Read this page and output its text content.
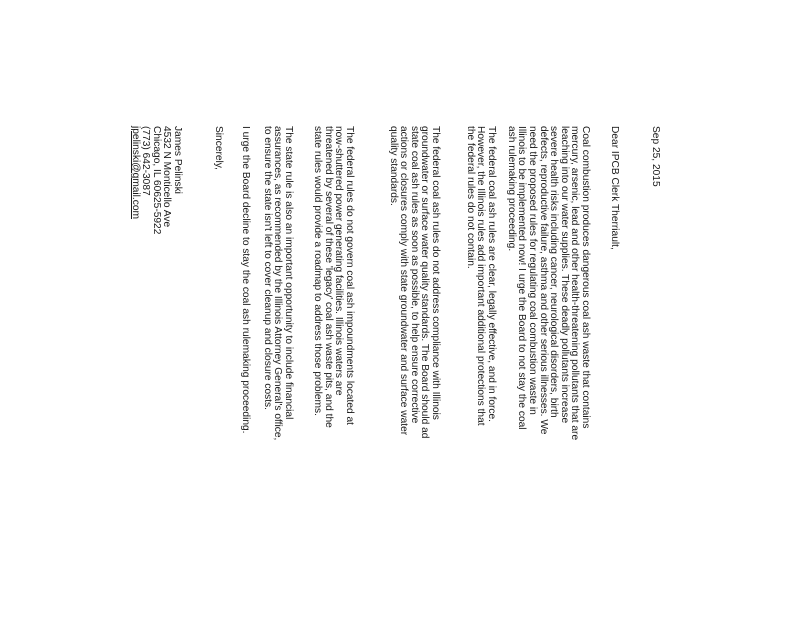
Sep 25, 2015

Dear IPCB Clerk Therriault,

Coal combustion produces dangerous coal ash waste that contains
mercury, arsenic, lead and other health-threatening pollutants that are
leaching into our water supplies. These deadly pollutants increase
severe health risks including cancer, neurological disorders, birth
defects, reproductive failure, asthma and other serious illnesses. We
need the proposed rules for regulating coal combustion waste in
Illinois to be implemented now! I urge the Board to not stay the coal
ash rulemaking proceeding.

The federal coal ash rules are clear, legally effective, and in force.
However, the Illinois rules add important additional protections that
the federal rules do not contain.

The federal coal ash rules do not address compliance with Illinois
groundwater or surface water quality standards. The Board should ad
state coal ash rules as soon as possible, to help ensure corrective
actions or closures comply with state groundwater and surface water
quality standards.

The federal rules do not govern coal ash impoundments located at
now-shuttered power generating facilities. Illinois waters are
threatened by several of these 'legacy' coal ash waste pits, and the
state rules would provide a roadmap to address those problems.

The state rule is also an important opportunity to include financial
assurances, as recommended by the Illinois Attorney General's office,
to ensure the state isn't left to cover cleanup and closure costs.

I urge the Board decline to stay the coal ash rulemaking proceeding.

Sincerely,

James Pelinski
4532 N Monticello Ave
Chicago, IL 60625-5922
(773) 642-3087
jpelinski@gmail.com
